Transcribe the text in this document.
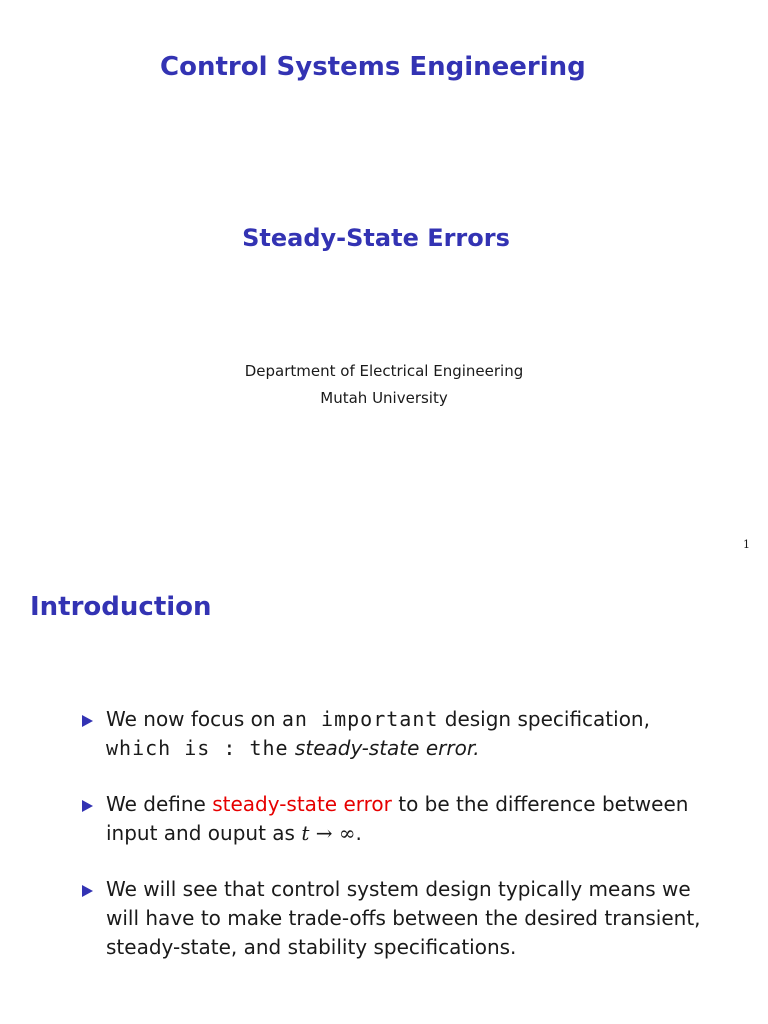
Control Systems Engineering
Steady-State Errors
Department of Electrical Engineering
Mutah University
1
Introduction
We now focus on an important design specification,
which is : the steady-state error.
We define steady-state error to be the difference between input and ouput as t → ∞.
We will see that control system design typically means we will have to make trade-offs between the desired transient, steady-state, and stability specifications.
